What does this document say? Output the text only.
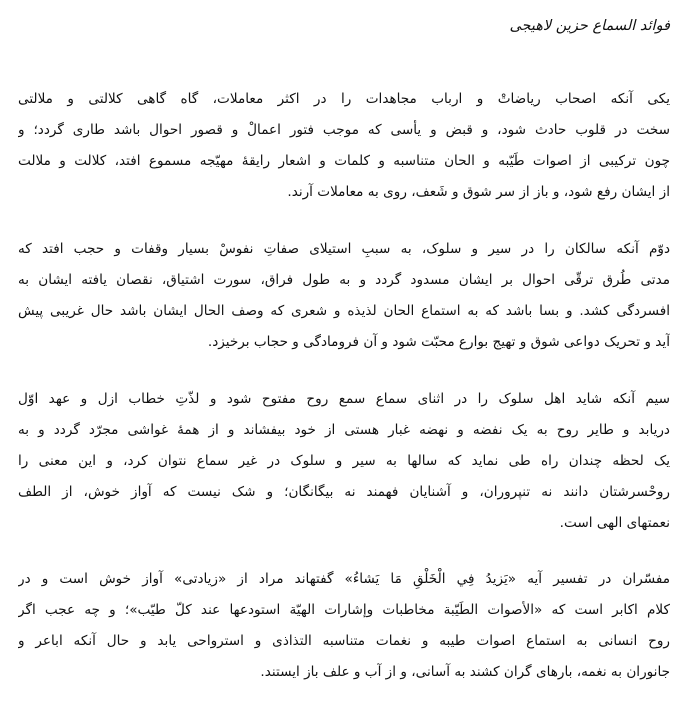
فوائد السماع حزین لاهیجی
یکی آنکه اصحاب ریاضاتْ و ارباب مجاهدات را در اکثر معاملات، گاه گاهی کلالتی و ملالتی
سخت در قلوب حادث شود، و قبض و یأسی که موجب فتور اعمالْ و قصور احوال باشد طاری گردد؛ و
چون ترکیبی از اصوات طَیّبه و الحان متناسبه و کلمات و اشعار رایقهٔ مهیّجه مسموع افتد، کلالت و ملالت
از ایشان رفع شود، و باز از سر شوق و شَعف، روی به معاملات آرند.
دوّم آنکه سالکان را در سیر و سلوک، به سببِ استیلای صفاتِ نفوسْ بسیار وقفات و حجب افتد که
مدتی طُرق ترقّی احوال بر ایشان مسدود گردد و به طول فراق، سورت اشتیاق، نقصان یافته ایشان به
افسردگی کشد. و بسا باشد که به استماع الحان لذیذه و شعری که وصف الحال ایشان باشد حال غریبی پیش
آید و تحریک دواعی شوق و تهیج بوارع محبّت شود و آن فرومادگی و حجاب برخیزد.
سیم آنکه شاید اهل سلوک را در اثنای سماع سمع روح مفتوح شود و لذّتِ خطاب ازل و عهد اوّل
دریابد و طایر روح به یک نفضه و نهضه غبار هستی از خود بیفشاند و از همهٔ غواشی مجرّد گردد و به
یک لحظه چندان راه طی نماید که سالها به سیر و سلوک در غیر سماع نتوان کرد، و این معنی را
روحْسرشتان دانند نه تنپروران، و آشنایان فهمند نه بیگانگان؛ و شک نیست که آواز خوش، از الطف
نعمتهای الهی است.
مفسّران در تفسیر آیه «یَزیدُ فِي الْخَلْقِ مَا یَشاءُ» گفتهاند مراد از «زیادتی» آواز خوش است و در
کلام اکابر است که «الأصوات الطَیّبة مخاطبات وإشارات الهیّة استودعها عند کلّ طیّب»؛ و چه عجب اگر
روح انسانی به استماع اصوات طیبه و نغمات متناسبه التذاذی و استرواحی یابد و حال آنکه اباعر و
جانوران به نغمه، بارهای گران کشند به آسانی، و از آب و علف باز ایستند.
